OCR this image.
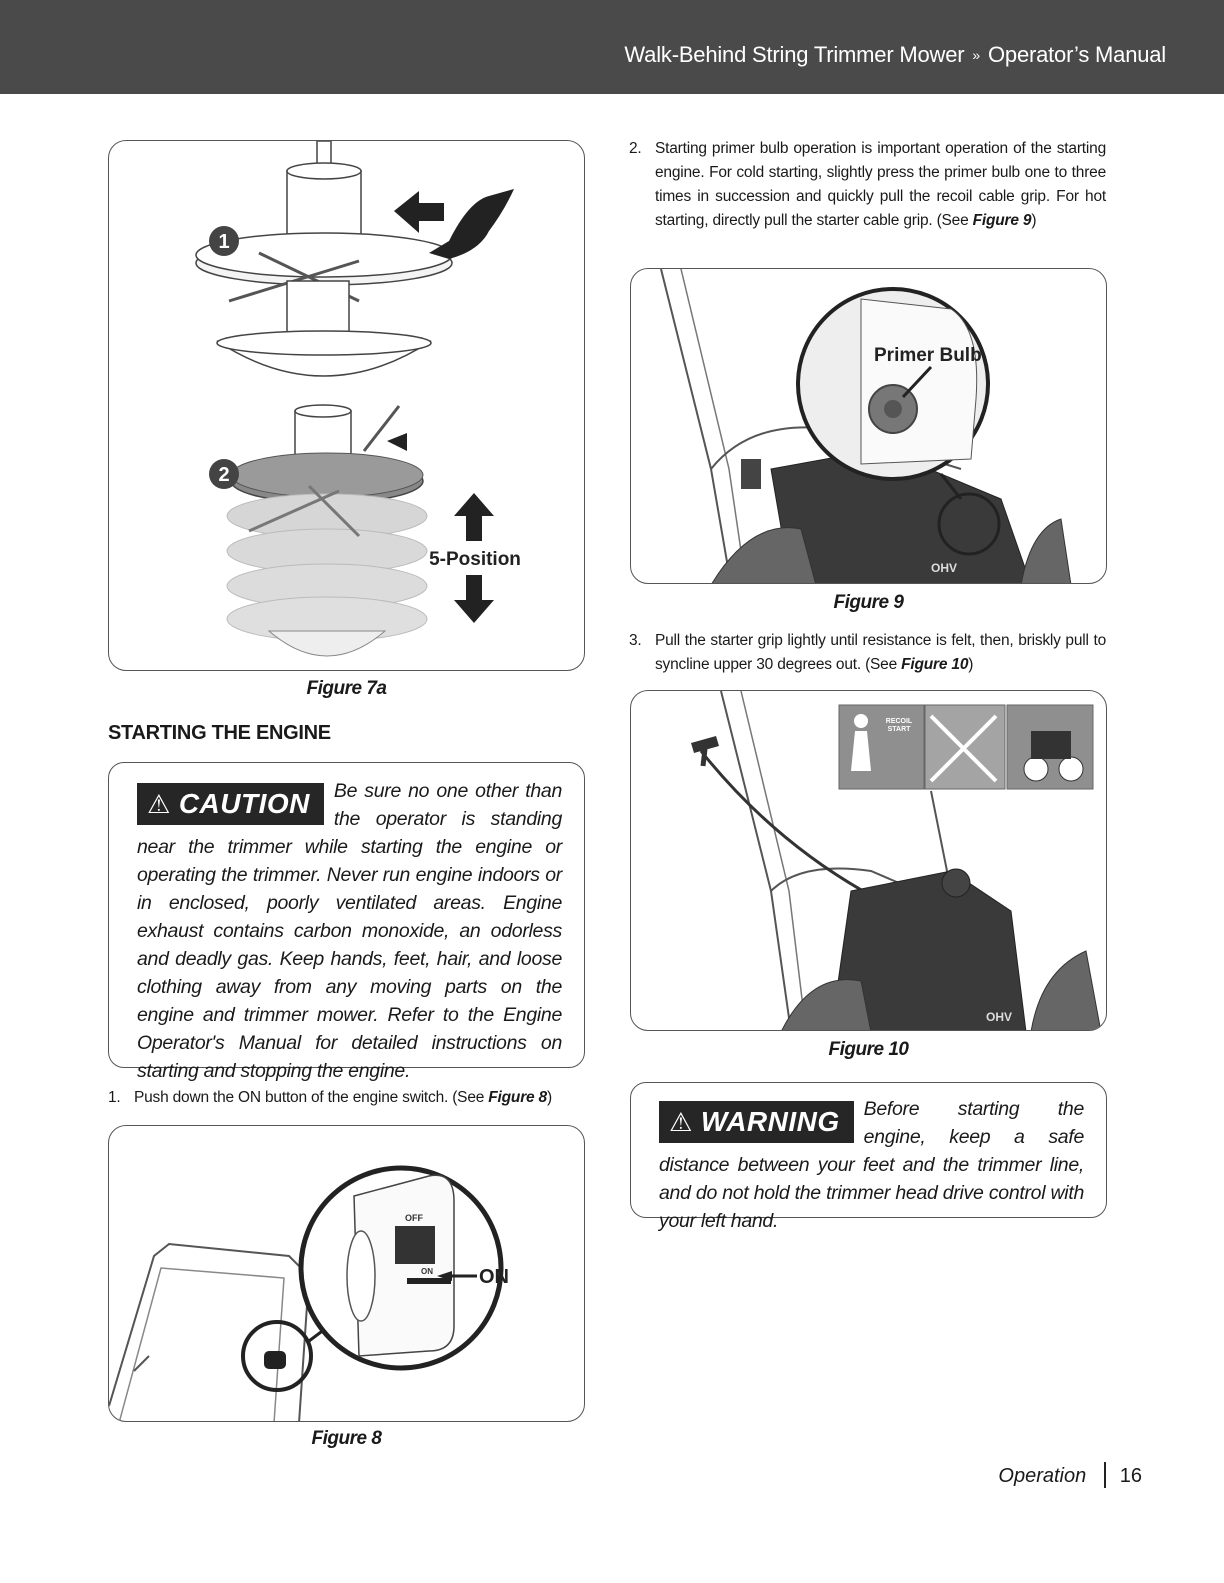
Walk-Behind String Trimmer Mower » Operator’s Manual
1
2
5-Position
Figure 7a
STARTING THE ENGINE
⚠ CAUTION	Be sure no one other than the operator is standing near the trimmer while starting the engine or operating the trimmer. Never run engine indoors or in enclosed, poorly ventilated areas. Engine exhaust contains carbon monoxide, an odorless and deadly gas. Keep hands, feet, hair, and loose clothing away from any moving parts on the engine and trimmer mower. Refer to the Engine Operator's Manual for detailed instructions on starting and stopping the engine.
1. Push down the ON button of the engine switch. (See Figure 8)
OFF
ON ON
Figure 8
2. Starting primer bulb operation is important operation of the starting engine. For cold starting, slightly press the primer bulb one to three times in succession and quickly pull the recoil cable grip. For hot starting, directly pull the starter cable grip. (See Figure 9)
OHV
Primer Bulb
Figure 9
3. Pull the starter grip lightly until resistance is felt, then, briskly pull to syncline upper 30 degrees out. (See Figure 10)
OHV
RECOIL
START
Figure 10
⚠ WARNING	Before starting the engine, keep a safe distance between your feet and the trimmer line, and do not hold the trimmer head drive control with your left hand.
Operation 16
